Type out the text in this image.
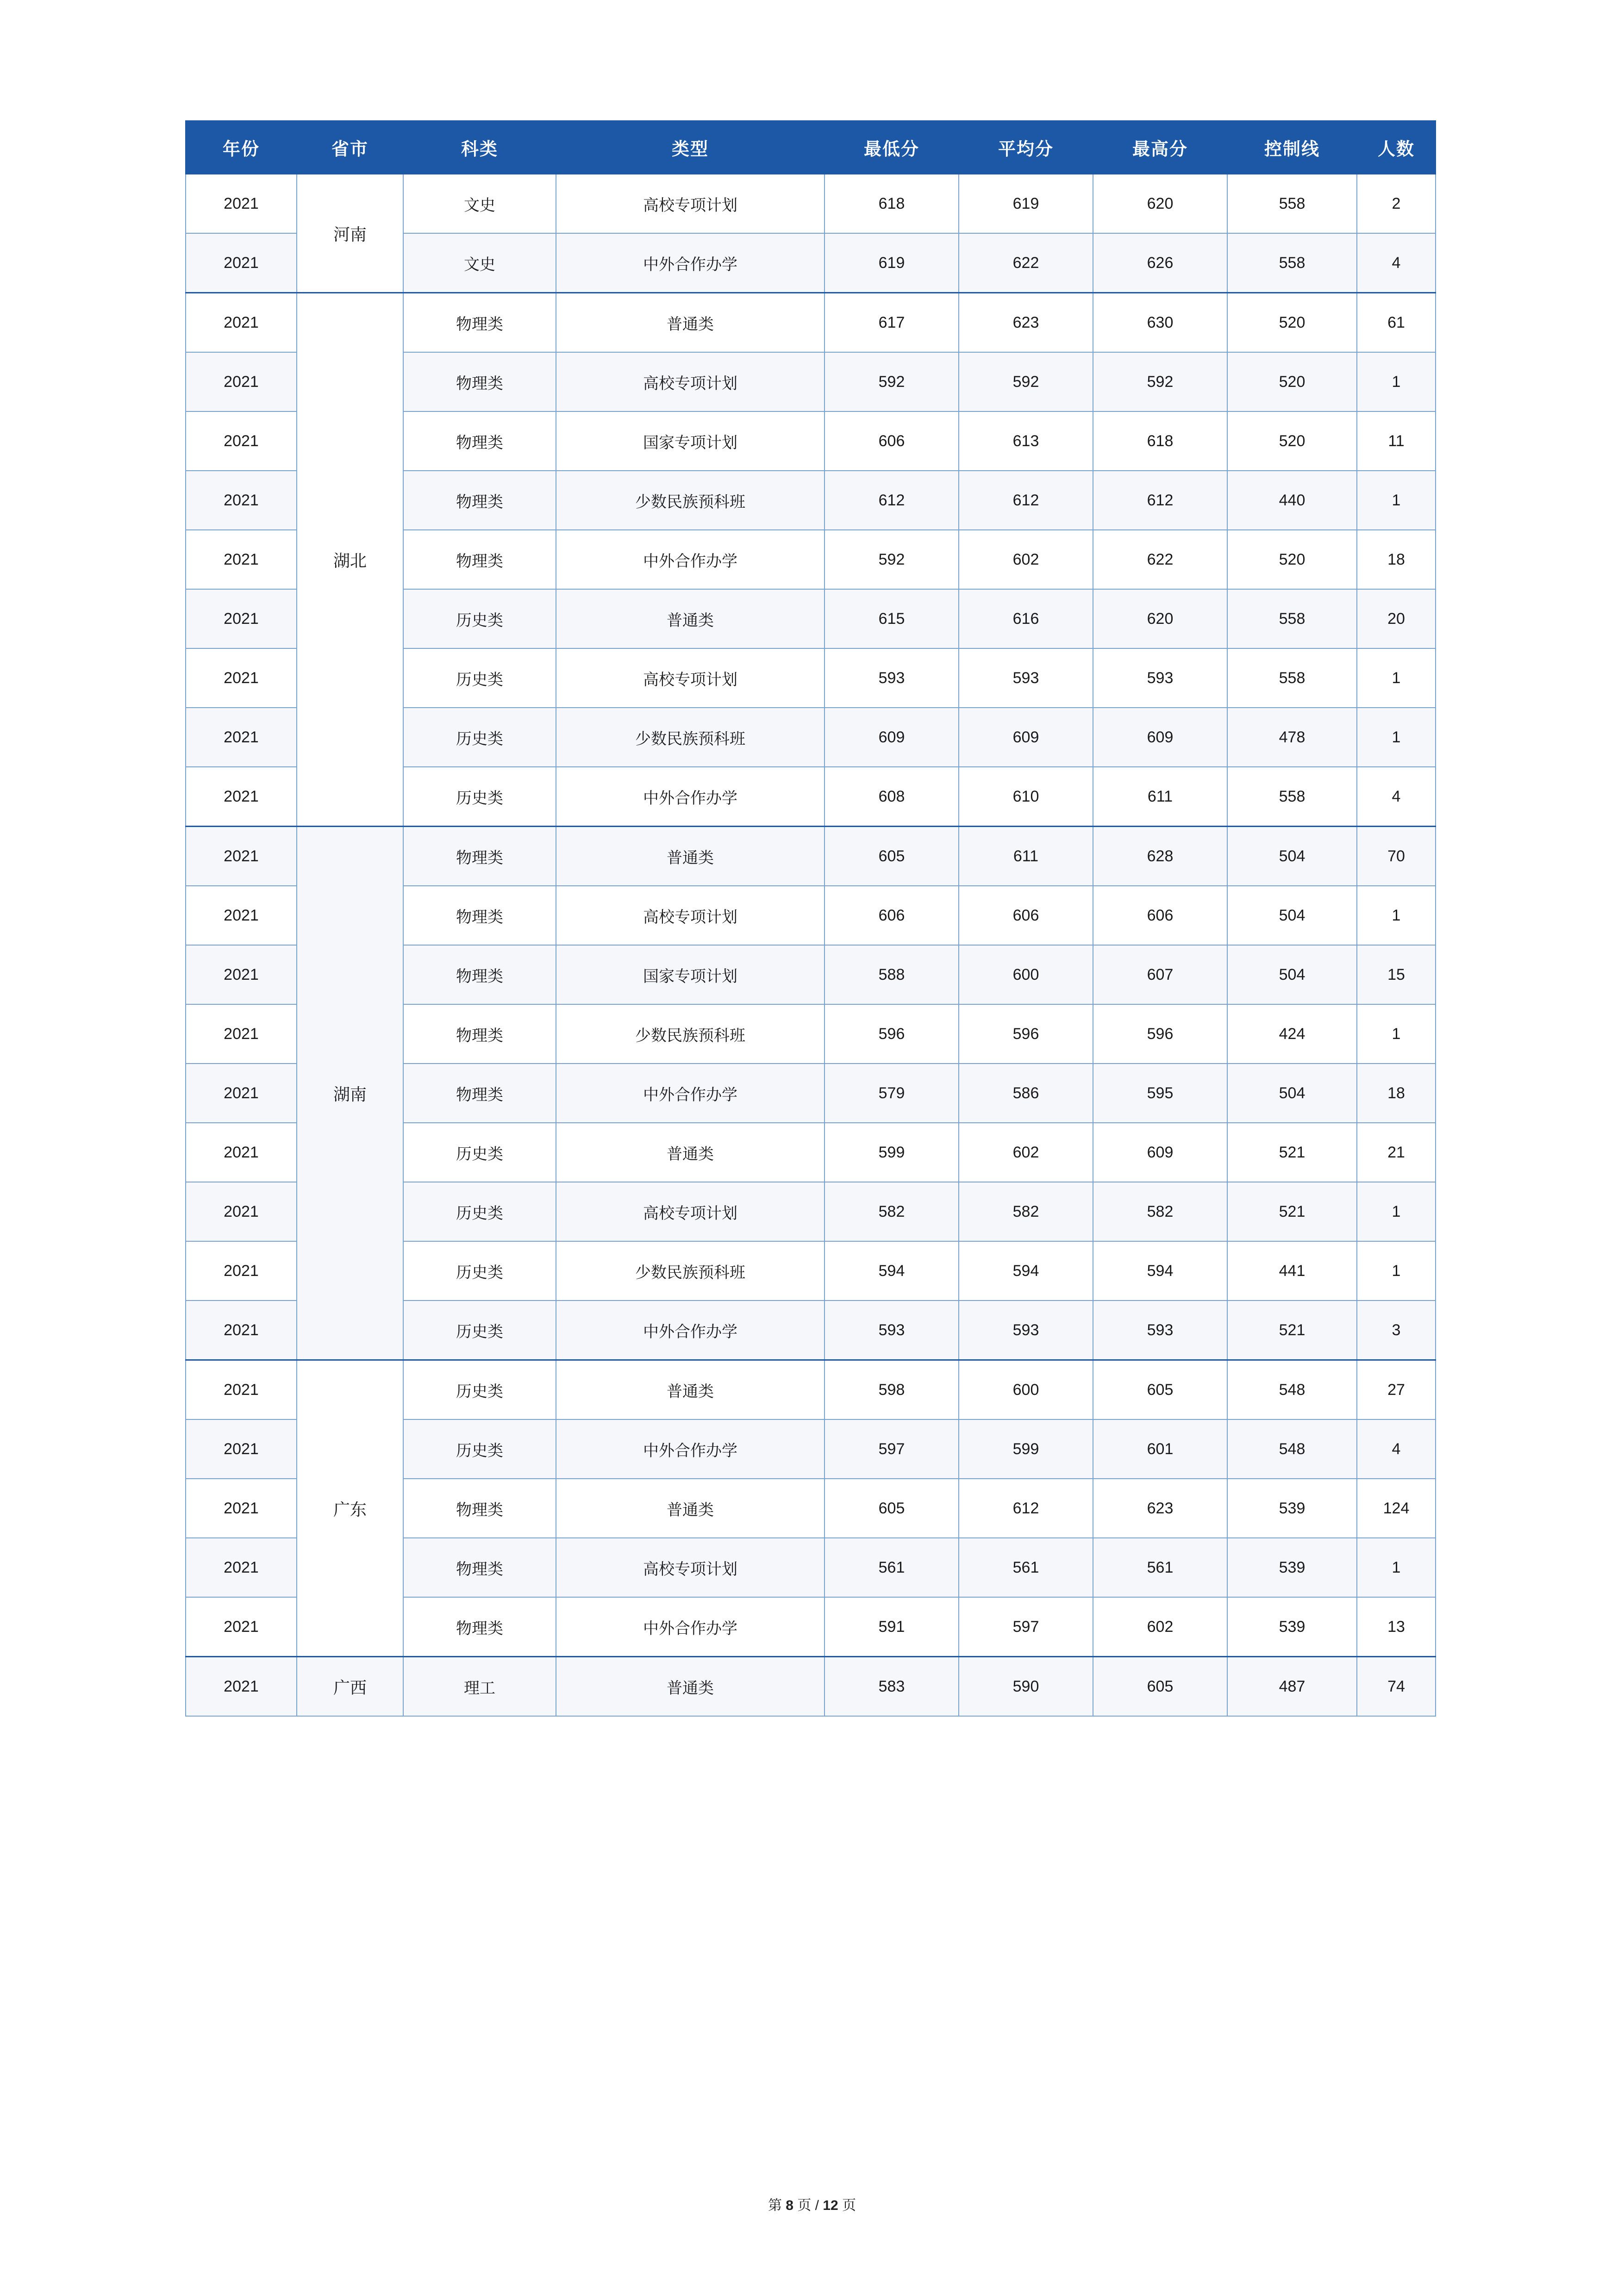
年份	省市	科类	类型	最低分	平均分	最高分	控制线	人数
2021	河南	文史	高校专项计划	618	619	620	558	2
2021		文史	中外合作办学	619	622	626	558	4
2021	湖北	物理类	普通类	617	623	630	520	61
2021		物理类	高校专项计划	592	592	592	520	1
2021		物理类	国家专项计划	606	613	618	520	11
2021		物理类	少数民族预科班	612	612	612	440	1
2021		物理类	中外合作办学	592	602	622	520	18
2021		历史类	普通类	615	616	620	558	20
2021		历史类	高校专项计划	593	593	593	558	1
2021		历史类	少数民族预科班	609	609	609	478	1
2021		历史类	中外合作办学	608	610	611	558	4
2021	湖南	物理类	普通类	605	611	628	504	70
2021		物理类	高校专项计划	606	606	606	504	1
2021		物理类	国家专项计划	588	600	607	504	15
2021		物理类	少数民族预科班	596	596	596	424	1
2021		物理类	中外合作办学	579	586	595	504	18
2021		历史类	普通类	599	602	609	521	21
2021		历史类	高校专项计划	582	582	582	521	1
2021		历史类	少数民族预科班	594	594	594	441	1
2021		历史类	中外合作办学	593	593	593	521	3
2021	广东	历史类	普通类	598	600	605	548	27
2021		历史类	中外合作办学	597	599	601	548	4
2021		物理类	普通类	605	612	623	539	124
2021		物理类	高校专项计划	561	561	561	539	1
2021		物理类	中外合作办学	591	597	602	539	13
2021	广西	理工	普通类	583	590	605	487	74
第 8 页 / 12 页
